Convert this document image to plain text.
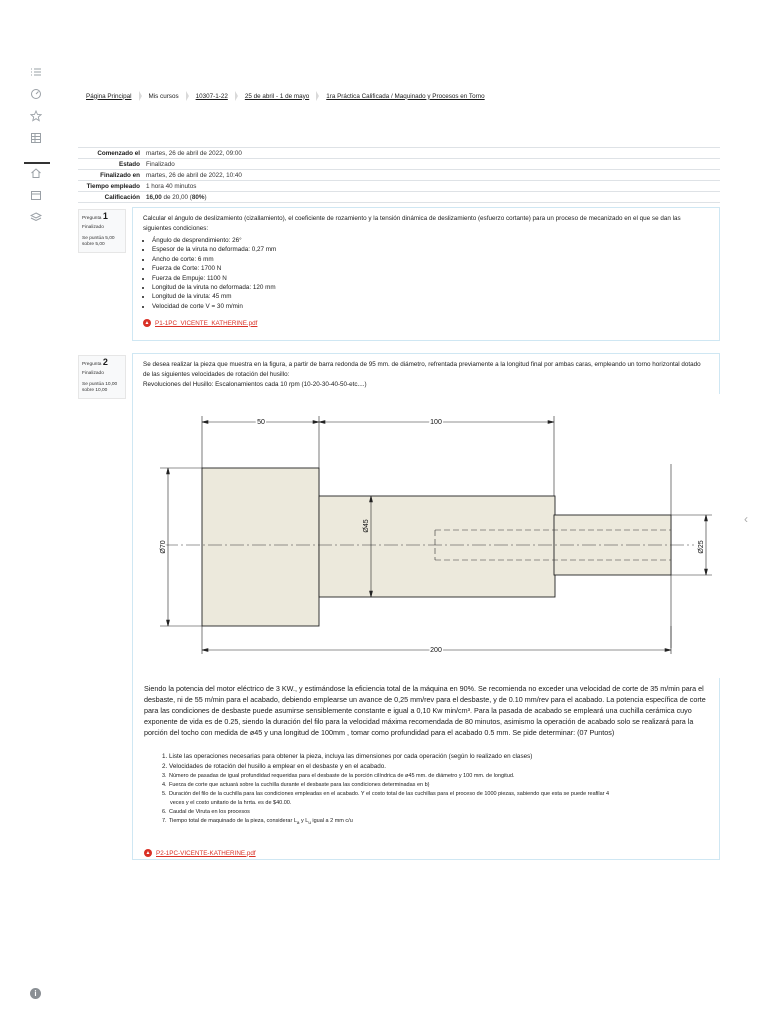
i
‹
Página Principal	Mis cursos	10307-1-22	25 de abril - 1 de mayo	1ra Práctica Calificada / Maquinado y Procesos en Torno
Comenzado el martes, 26 de abril de 2022, 09:00
Estado Finalizado
Finalizado en martes, 26 de abril de 2022, 10:40
Tiempo empleado 1 hora 40 minutos
Calificación 16,00 de 20,00 (80%)
Pregunta 1
Finalizado
Se puntúa 5,00
sobre 5,00
Calcular el ángulo de deslizamiento (cizallamiento), el coeficiente de rozamiento y la tensión dinámica de deslizamiento (esfuerzo cortante) para un proceso de mecanizado en el que se dan las siguientes condiciones:
• Ángulo de desprendimiento: 26°
• Espesor de la viruta no deformada: 0,27 mm
• Ancho de corte: 6 mm
• Fuerza de Corte: 1700 N
• Fuerza de Empuje: 1100 N
• Longitud de la viruta no deformada: 120 mm
• Longitud de la viruta: 45 mm
• Velocidad de corte V = 30 m/min
▲ P1-1PC_VICENTE_KATHERINE.pdf
Pregunta 2
Finalizado
Se puntúa 10,00
sobre 10,00
Se desea realizar la pieza que muestra en la figura, a partir de barra redonda de 95 mm. de diámetro, refrentada previamente a la longitud final por ambas caras, empleando un torno horizontal dotado de las siguientes velocidades de rotación del husillo:
Revoluciones del Husillo: Escalonamientos cada 10 rpm (10-20-30-40-50-etc....)
50	100
200
Ø70
Ø45
Ø25
Siendo la potencia del motor eléctrico de 3 KW., y estimándose la eficiencia total de la máquina en 90%. Se recomienda no exceder una velocidad de corte de 35 m/min para el desbaste, ni de 55 m/min para el acabado, debiendo emplearse un avance de 0,25 mm/rev para el desbaste, y de 0.10 mm/rev para el acabado. La potencia específica de corte para las condiciones de desbaste puede asumirse sensiblemente constante e igual a 0,10 Kw min/cm³. Para la pasada de acabado se empleará una cuchilla cerámica cuyo exponente de vida es de 0.25, siendo la duración del filo para la velocidad máxima recomendada de 80 minutos, asimismo la operación de acabado solo se realizará para la porción del tocho con medida de ø45 y una longitud de 100mm , tomar como profundidad para el acabado 0.5 mm. Se pide determinar: (07 Puntos)
1. Liste las operaciones necesarias para obtener la pieza, incluya las dimensiones por cada operación (según lo realizado en clases)
2. Velocidades de rotación del husillo a emplear en el desbaste y en el acabado.
3. Número de pasadas de igual profundidad requeridas para el desbaste de la porción cilíndrica de ø45 mm. de diámetro y 100 mm. de longitud.
4. Fuerza de corte que actuará sobre la cuchilla durante el desbaste para las condiciones determinadas en b)
5. Duración del filo de la cuchilla para las condiciones empleadas en el acabado. Y el costo total de las cuchillas para el proceso de 1000 piezas, sabiendo que esta se puede reafilar 4
veces y el costo unitario de la hrrta. es de $40.00.
6. Caudal de Viruta en los procesos
7. Tiempo total de maquinado de la pieza, considerar $L_a$ y $L_u$ igual a 2 mm c/u
▲ P2-1PC-VICENTE-KATHERINE.pdf
